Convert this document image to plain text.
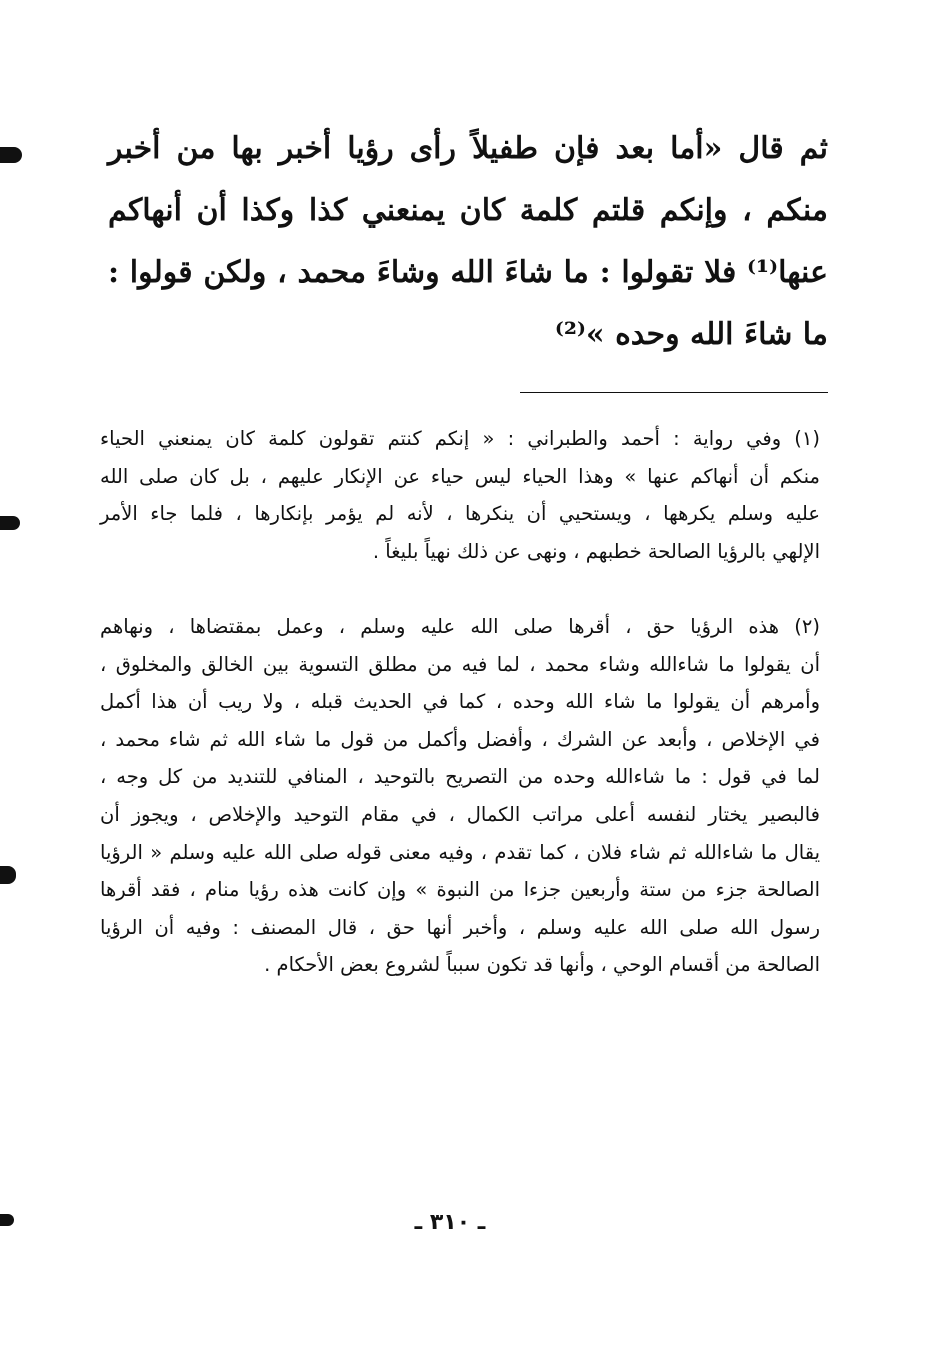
ثم قال «أما بعد فإن طفيلاً رأى رؤيا أخبر بها من أخبر
منكم ، وإنكم قلتم كلمة كان يمنعني كذا وكذا أن أنهاكم
عنها⁽¹⁾ فلا تقولوا : ما شاءَ الله وشاءَ محمد ، ولكن قولوا :
ما شاءَ الله وحده »⁽²⁾
(١) وفي رواية : أحمد والطبراني : « إنكم كنتم تقولون كلمة كان يمنعني الحياء
منكم أن أنهاكم عنها » وهذا الحياء ليس حياء عن الإنكار عليهم ، بل كان صلى الله
عليه وسلم يكرهها ، ويستحيي أن ينكرها ، لأنه لم يؤمر بإنكارها ، فلما جاء الأمر
الإلهي بالرؤيا الصالحة خطبهم ، ونهى عن ذلك نهياً بليغاً .
(٢) هذه الرؤيا حق ، أقرها صلى الله عليه وسلم ، وعمل بمقتضاها ، ونهاهم
أن يقولوا ما شاءالله وشاء محمد ، لما فيه من مطلق التسوية بين الخالق والمخلوق ،
وأمرهم أن يقولوا ما شاء الله وحده ، كما في الحديث قبله ، ولا ريب أن هذا أكمل
في الإخلاص ، وأبعد عن الشرك ، وأفضل وأكمل من قول ما شاء الله ثم شاء محمد ،
لما في قول : ما شاءالله وحده من التصريح بالتوحيد ، المنافي للتنديد من كل وجه ،
فالبصير يختار لنفسه أعلى مراتب الكمال ، في مقام التوحيد والإخلاص ، ويجوز أن
يقال ما شاءالله ثم شاء فلان ، كما تقدم ، وفيه معنى قوله صلى الله عليه وسلم « الرؤيا
الصالحة جزء من ستة وأربعين جزءا من النبوة » وإن كانت هذه رؤيا منام ، فقد أقرها
رسول الله صلى الله عليه وسلم ، وأخبر أنها حق ، قال المصنف : وفيه أن الرؤيا
الصالحة من أقسام الوحي ، وأنها قد تكون سبباً لشروع بعض الأحكام .
ـ ٣١٠ ـ
